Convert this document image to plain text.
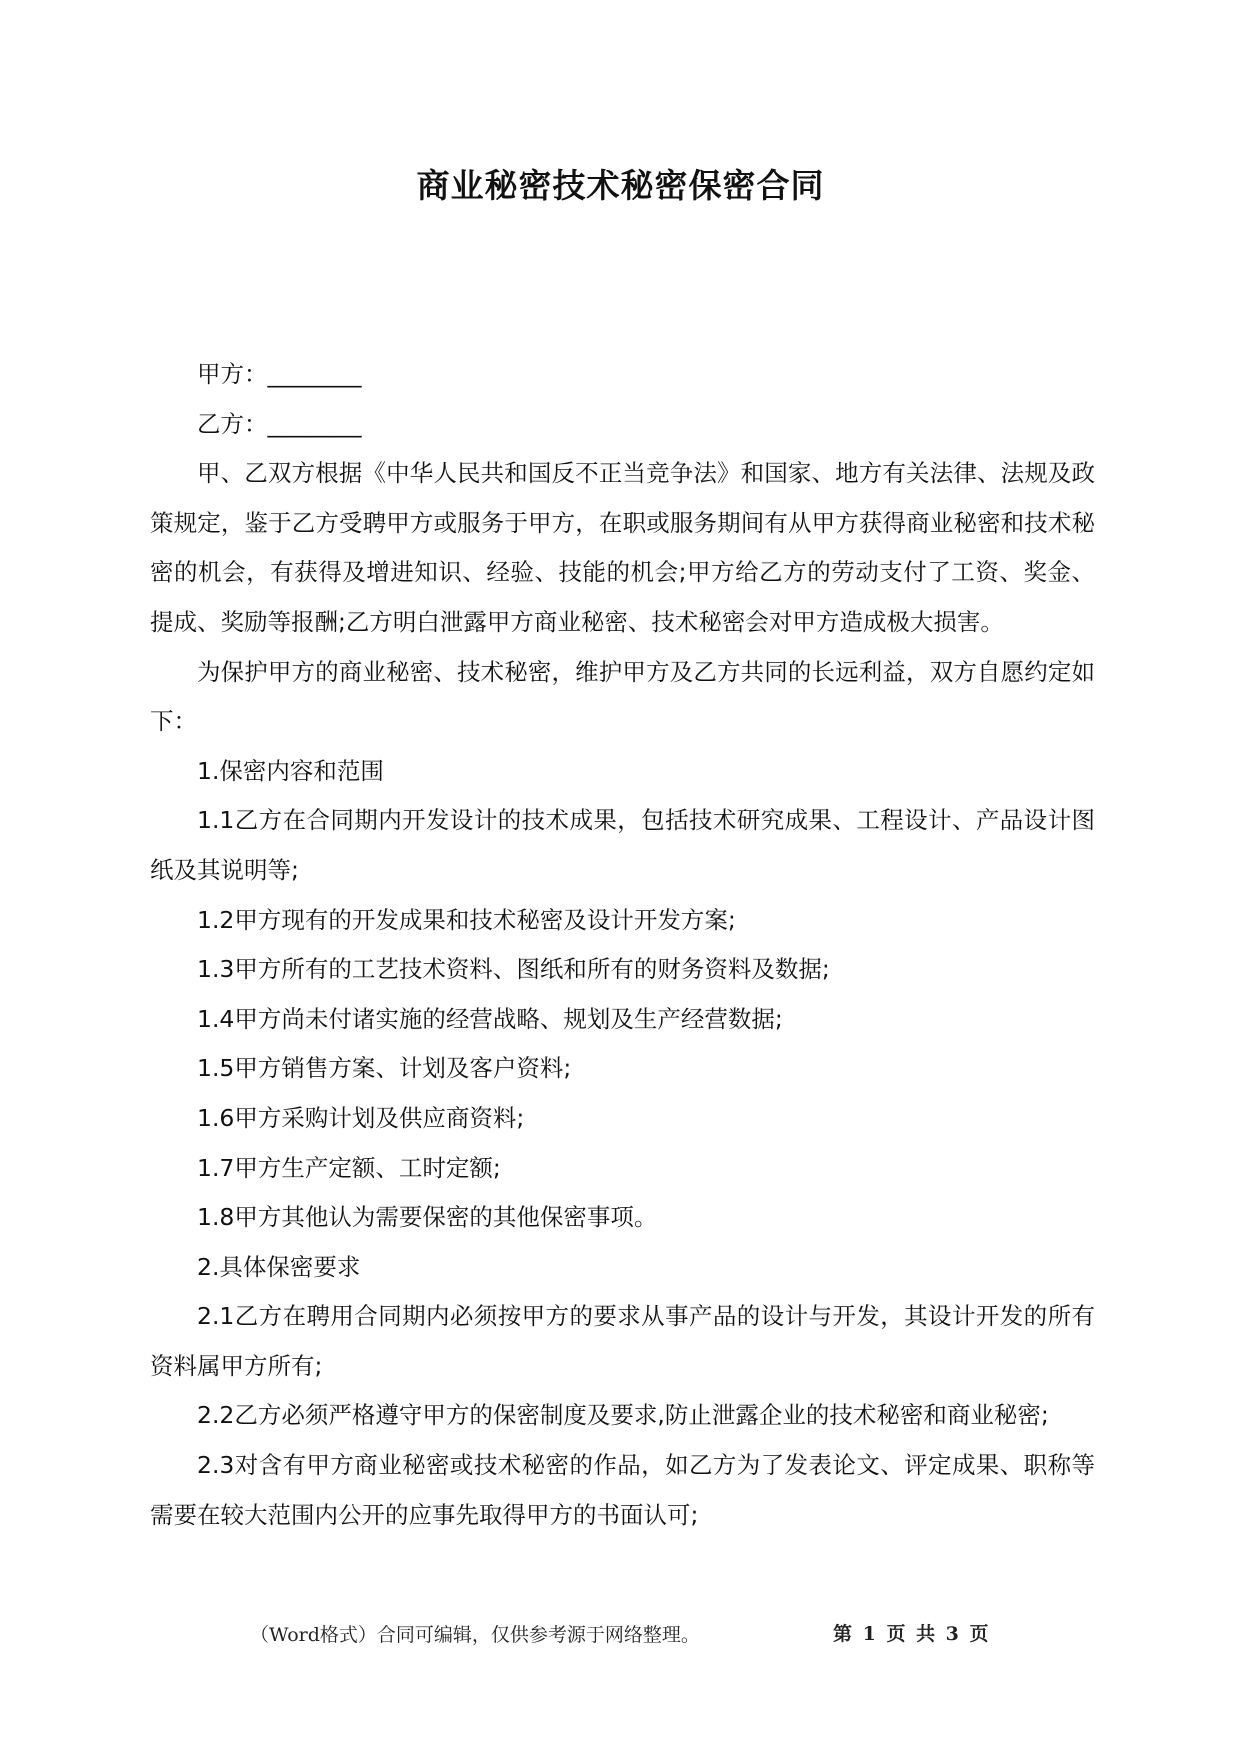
商业秘密技术秘密保密合同

甲方：________

乙方：________

甲、乙双方根据《中华人民共和国反不正当竞争法》和国家、地方有关法律、法规及政策规定，鉴于乙方受聘甲方或服务于甲方，在职或服务期间有从甲方获得商业秘密和技术秘密的机会，有获得及增进知识、经验、技能的机会;甲方给乙方的劳动支付了工资、奖金、提成、奖励等报酬;乙方明白泄露甲方商业秘密、技术秘密会对甲方造成极大损害。

为保护甲方的商业秘密、技术秘密，维护甲方及乙方共同的长远利益，双方自愿约定如下：

1.保密内容和范围

1.1乙方在合同期内开发设计的技术成果，包括技术研究成果、工程设计、产品设计图纸及其说明等;

1.2甲方现有的开发成果和技术秘密及设计开发方案;

1.3甲方所有的工艺技术资料、图纸和所有的财务资料及数据;

1.4甲方尚未付诸实施的经营战略、规划及生产经营数据;

1.5甲方销售方案、计划及客户资料;

1.6甲方采购计划及供应商资料;

1.7甲方生产定额、工时定额;

1.8甲方其他认为需要保密的其他保密事项。

2.具体保密要求

2.1乙方在聘用合同期内必须按甲方的要求从事产品的设计与开发，其设计开发的所有资料属甲方所有;

2.2乙方必须严格遵守甲方的保密制度及要求,防止泄露企业的技术秘密和商业秘密;

2.3对含有甲方商业秘密或技术秘密的作品，如乙方为了发表论文、评定成果、职称等需要在较大范围内公开的应事先取得甲方的书面认可;

（Word格式）合同可编辑，仅供参考源于网络整理。	第 1 页 共 3 页
